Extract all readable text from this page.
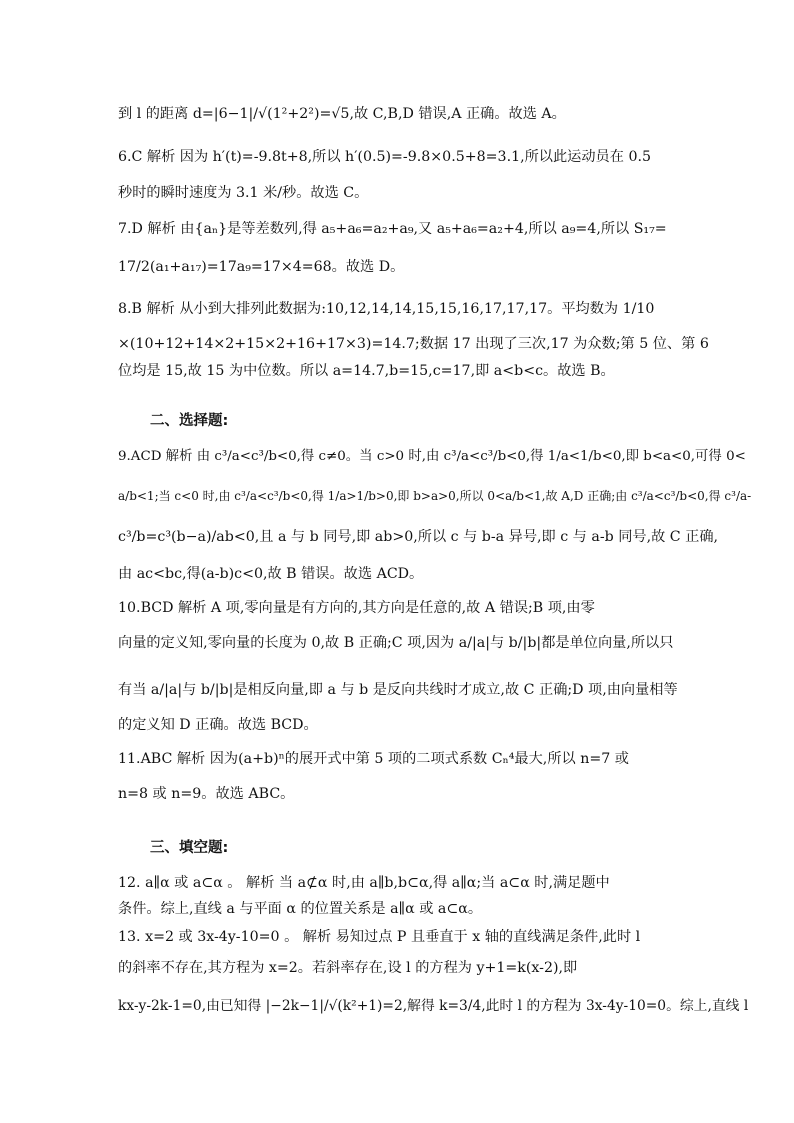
到 l 的距离 d=|6−1|/√(1²+2²)=√5,故 C,B,D 错误,A 正确。故选 A。
6.C 解析 因为 h′(t)=-9.8t+8,所以 h′(0.5)=-9.8×0.5+8=3.1,所以此运动员在 0.5
秒时的瞬时速度为 3.1 米/秒。故选 C。
7.D 解析 由{aₙ}是等差数列,得 a₅+a₆=a₂+a₉,又 a₅+a₆=a₂+4,所以 a₉=4,所以 S₁₇=
17/2(a₁+a₁₇)=17a₉=17×4=68。故选 D。
8.B 解析 从小到大排列此数据为:10,12,14,14,15,15,16,17,17,17。平均数为 1/10
×(10+12+14×2+15×2+16+17×3)=14.7;数据 17 出现了三次,17 为众数;第 5 位、第 6
位均是 15,故 15 为中位数。所以 a=14.7,b=15,c=17,即 a<b<c。故选 B。
二、选择题:
9.ACD 解析 由 c³/a<c³/b<0,得 c≠0。当 c>0 时,由 c³/a<c³/b<0,得 1/a<1/b<0,即 b<a<0,可得 0<
a/b<1;当 c<0 时,由 c³/a<c³/b<0,得 1/a>1/b>0,即 b>a>0,所以 0<a/b<1,故 A,D 正确;由 c³/a<c³/b<0,得 c³/a-
c³/b=c³(b−a)/ab<0,且 a 与 b 同号,即 ab>0,所以 c 与 b-a 异号,即 c 与 a-b 同号,故 C 正确,
由 ac<bc,得(a-b)c<0,故 B 错误。故选 ACD。
10.BCD 解析 A 项,零向量是有方向的,其方向是任意的,故 A 错误;B 项,由零
向量的定义知,零向量的长度为 0,故 B 正确;C 项,因为 a/|a|与 b/|b|都是单位向量,所以只
有当 a/|a|与 b/|b|是相反向量,即 a 与 b 是反向共线时才成立,故 C 正确;D 项,由向量相等
的定义知 D 正确。故选 BCD。
11.ABC 解析 因为(a+b)ⁿ的展开式中第 5 项的二项式系数 Cₙ⁴最大,所以 n=7 或
n=8 或 n=9。故选 ABC。
三、填空题:
12. a∥α 或 a⊂α 。 解析 当 a⊄α 时,由 a∥b,b⊂α,得 a∥α;当 a⊂α 时,满足题中
条件。综上,直线 a 与平面 α 的位置关系是 a∥α 或 a⊂α。
13. x=2 或 3x-4y-10=0 。 解析 易知过点 P 且垂直于 x 轴的直线满足条件,此时 l
的斜率不存在,其方程为 x=2。若斜率存在,设 l 的方程为 y+1=k(x-2),即
kx-y-2k-1=0,由已知得 |−2k−1|/√(k²+1)=2,解得 k=3/4,此时 l 的方程为 3x-4y-10=0。综上,直线 l
